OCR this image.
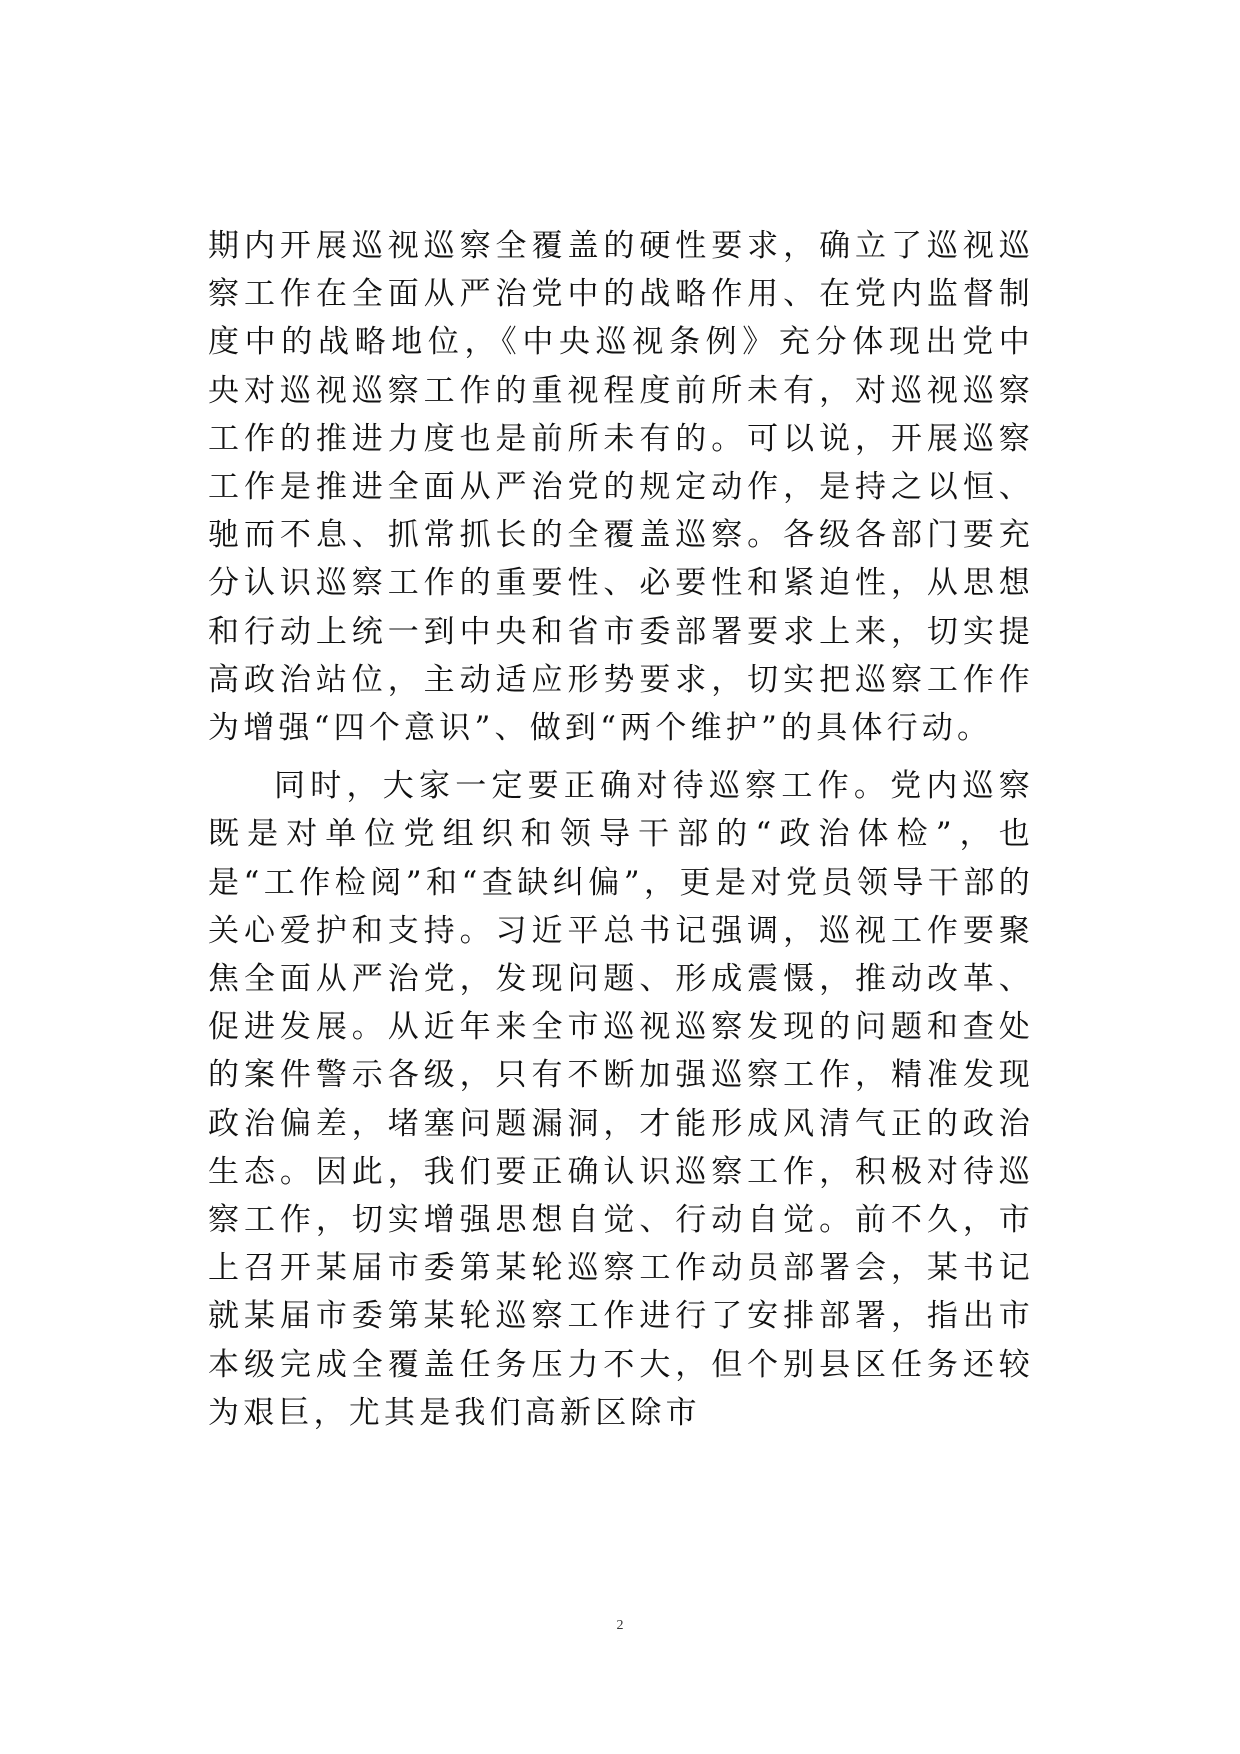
期内开展巡视巡察全覆盖的硬性要求，确立了巡视巡察工作在全面从严治党中的战略作用、在党内监督制度中的战略地位，《中央巡视条例》充分体现出党中央对巡视巡察工作的重视程度前所未有，对巡视巡察工作的推进力度也是前所未有的。可以说，开展巡察工作是推进全面从严治党的规定动作，是持之以恒、驰而不息、抓常抓长的全覆盖巡察。各级各部门要充分认识巡察工作的重要性、必要性和紧迫性，从思想和行动上统一到中央和省市委部署要求上来，切实提高政治站位，主动适应形势要求，切实把巡察工作作为增强“四个意识”、做到“两个维护”的具体行动。

同时，大家一定要正确对待巡察工作。党内巡察既是对单位党组织和领导干部的“政治体检”，也是“工作检阅”和“查缺纠偏”，更是对党员领导干部的关心爱护和支持。习近平总书记强调，巡视工作要聚焦全面从严治党，发现问题、形成震慑，推动改革、促进发展。从近年来全市巡视巡察发现的问题和查处的案件警示各级，只有不断加强巡察工作，精准发现政治偏差，堵塞问题漏洞，才能形成风清气正的政治生态。因此，我们要正确认识巡察工作，积极对待巡察工作，切实增强思想自觉、行动自觉。前不久，市上召开某届市委第某轮巡察工作动员部署会，某书记就某届市委第某轮巡察工作进行了安排部署，指出市本级完成全覆盖任务压力不大，但个别县区任务还较为艰巨，尤其是我们高新区除市

2
